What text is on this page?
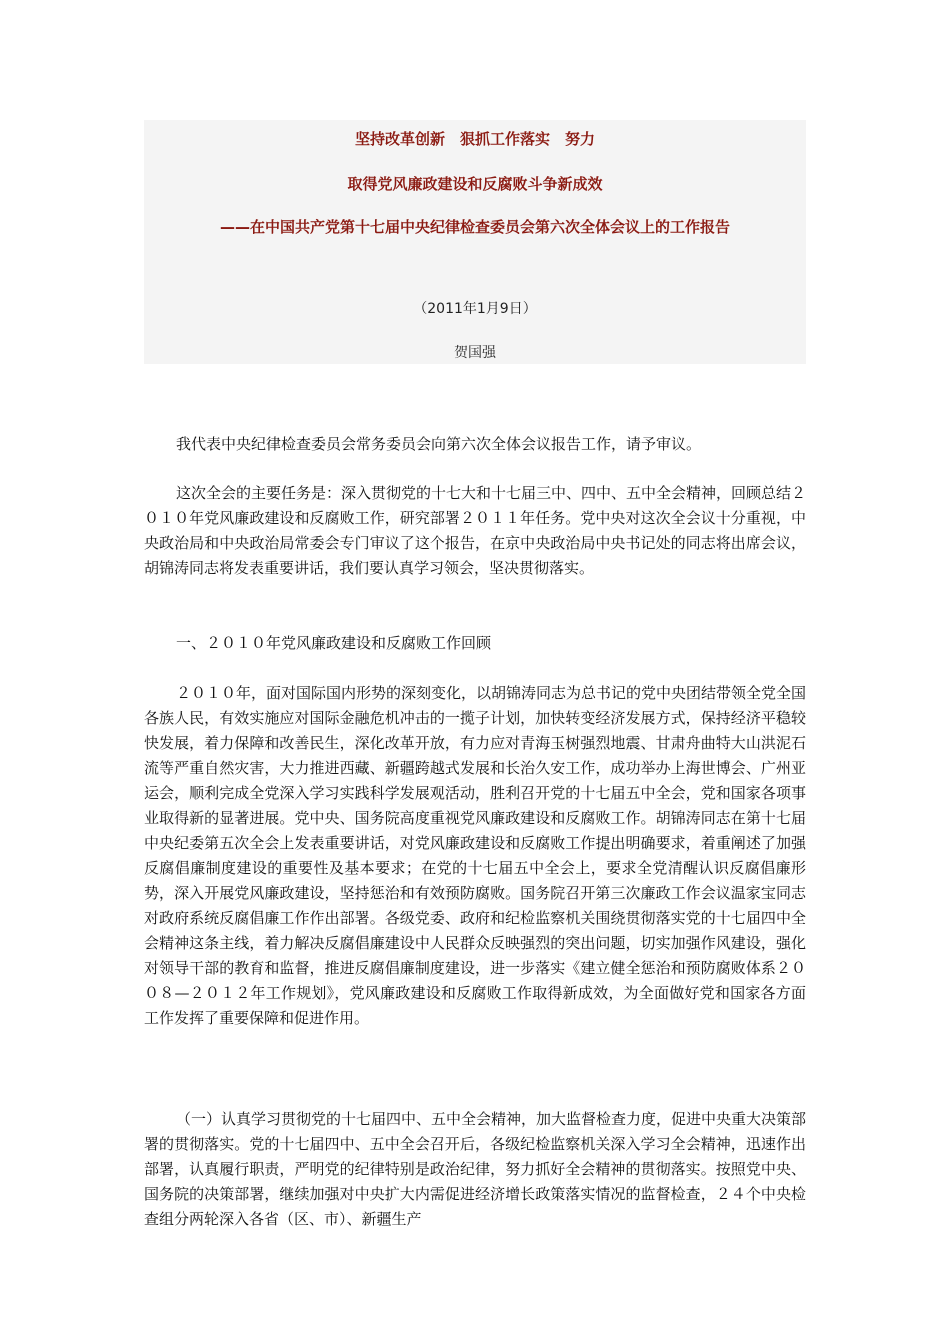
坚持改革创新　狠抓工作落实　努力
取得党风廉政建设和反腐败斗争新成效
——在中国共产党第十七届中央纪律检查委员会第六次全体会议上的工作报告
（2011年1月9日）
贺国强

我代表中央纪律检查委员会常务委员会向第六次全体会议报告工作，请予审议。

这次全会的主要任务是：深入贯彻党的十七大和十七届三中、四中、五中全会精神，回顾总结２０１０年党风廉政建设和反腐败工作，研究部署２０１１年任务。党中央对这次全会议十分重视，中央政治局和中央政治局常委会专门审议了这个报告，在京中央政治局中央书记处的同志将出席会议，胡锦涛同志将发表重要讲话，我们要认真学习领会，坚决贯彻落实。

一、２０１０年党风廉政建设和反腐败工作回顾

２０１０年，面对国际国内形势的深刻变化，以胡锦涛同志为总书记的党中央团结带领全党全国各族人民，有效实施应对国际金融危机冲击的一揽子计划，加快转变经济发展方式，保持经济平稳较快发展，着力保障和改善民生，深化改革开放，有力应对青海玉树强烈地震、甘肃舟曲特大山洪泥石流等严重自然灾害，大力推进西藏、新疆跨越式发展和长治久安工作，成功举办上海世博会、广州亚运会，顺利完成全党深入学习实践科学发展观活动，胜利召开党的十七届五中全会，党和国家各项事业取得新的显著进展。党中央、国务院高度重视党风廉政建设和反腐败工作。胡锦涛同志在第十七届中央纪委第五次全会上发表重要讲话，对党风廉政建设和反腐败工作提出明确要求，着重阐述了加强反腐倡廉制度建设的重要性及基本要求；在党的十七届五中全会上，要求全党清醒认识反腐倡廉形势，深入开展党风廉政建设，坚持惩治和有效预防腐败。国务院召开第三次廉政工作会议温家宝同志对政府系统反腐倡廉工作作出部署。各级党委、政府和纪检监察机关围绕贯彻落实党的十七届四中全会精神这条主线，着力解决反腐倡廉建设中人民群众反映强烈的突出问题，切实加强作风建设，强化对领导干部的教育和监督，推进反腐倡廉制度建设，进一步落实《建立健全惩治和预防腐败体系２００８—２０１２年工作规划》，党风廉政建设和反腐败工作取得新成效，为全面做好党和国家各方面工作发挥了重要保障和促进作用。

（一）认真学习贯彻党的十七届四中、五中全会精神，加大监督检查力度，促进中央重大决策部署的贯彻落实。党的十七届四中、五中全会召开后，各级纪检监察机关深入学习全会精神，迅速作出部署，认真履行职责，严明党的纪律特别是政治纪律，努力抓好全会精神的贯彻落实。按照党中央、国务院的决策部署，继续加强对中央扩大内需促进经济增长政策落实情况的监督检查，２４个中央检查组分两轮深入各省（区、市）、新疆生产
